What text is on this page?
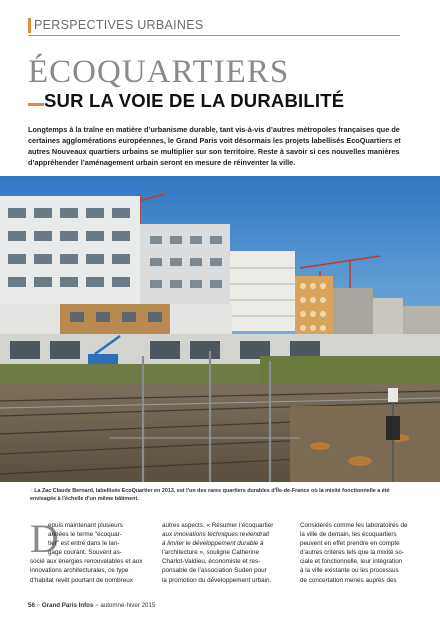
PERSPECTIVES URBAINES
ÉCOQUARTIERS
SUR LA VOIE DE LA DURABILITÉ

Longtemps à la traîne en matière d’urbanisme durable, tant vis-à-vis d’autres métropoles françaises que de certaines agglomérations européennes, le Grand Paris voit désormais les projets labellisés EcoQuartiers et autres Nouveaux quartiers urbains se multiplier sur son territoire. Reste à savoir si ces nouvelles manières d’appréhender l’aménagement urbain seront en mesure de réinventer la ville.

↑ La Zac Claude Bernard, labellisée EcoQuartier en 2013, est l’un des rares quartiers durables d’Île-de-France où la mixité fonctionnelle a été envisagée à l’échelle d’un même bâtiment.

D

epuis maintenant plusieurs
années le terme “écoquar-
tier” est entré dans le lan-
gage courant. Souvent as-
socié aux énergies renouvelables et aux
innovations architecturales, ce type
d’habitat revêt pourtant de nombreux

autres aspects. « Résumer l’écoquartier
aux innovations techniques reviendrait
à limiter le développement durable à
l’architecture », souligne Catherine
Charlot-Valdieu, économiste et res-
ponsable de l’association Suden pour
la promotion du développement urbain.

Considérés comme les laboratoires de
la ville de demain, les écoquartiers
peuvent en effet prendre en compte
d’autres critères tels que la mixité so-
ciale et fonctionnelle, leur intégration
à la ville existante ou les processus
de concertation menés auprès des

56 » Grand Paris Infos » automne-hiver 2015
